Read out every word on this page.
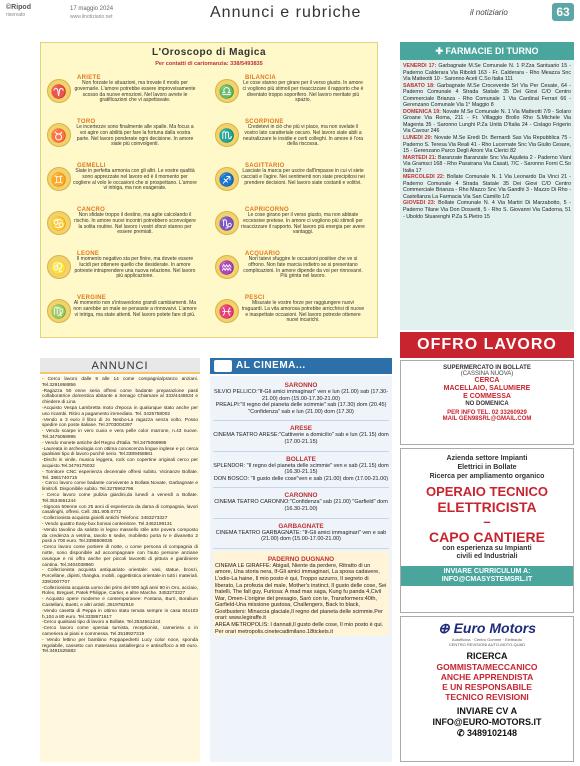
©Ripod
riservato
17 maggio 2024
www.ilnotiziario.net	Annunci e rubriche	il notiziario	63
L'Oroscopo di Magica
Per contatti di cartomanzia: 338/5493835
♈
ARIETE

Non forzate le situazioni, ma trovate il modo per governarle. L'amore potrebbe essere improvvisamente scosso da nuove emozioni. Nel lavoro avrete le gratificazioni che vi aspettavate.

♉
TORO

Le incertezze sono finalmente alle spalle. Ma focus a voi agire con abilità per fare la fortuna dalla vostra parte. Nel lavoro ponderate ogni decisione. In amore siate più coinvolgenti.

♊
GEMELLI

Siate in perfetta armonia con gli altri. Le vostre qualità sono apprezzate nel lavoro ed è il momento per cogliere al volo le occasioni che si prospettano. L'amore vi intriga, ma non esagerate.

♋
CANCRO

Non sfidate troppo il destino, ma agite calcolando il rischio. In amore nuovi incontri potrebbero sconvolgere la solita routine. Nel lavoro i vostri sforzi stanno per essere premiati.

♌
LEONE

Il momento negativo sta per finire, ma dovete essere lucidi per ottenere quello che desiderate. In amore potreste intraprendere una nuova relazione. Nel lavoro più applicazione.

♍
VERGINE

Al momento non s'intravedono grandi cambiamenti. Ma non sarebbe un male se pensaste a rinnovarvi. L'amore vi intriga, ma state attenti. Nel lavoro potete fare di più.

♎
BILANCIA

Le cose stanno per girare per il verso giusto. In amore ci vogliono più stimoli per rivaccizzare il rapporto che è diventato troppo soporifero. Nel lavoro meritate più spazio.

♏
SCORPIONE

Credetevi in ciò che più vi piace, ma non svelate il vostro lato caratteriale oscuro. Nel lavoro siate abili a neutralizzare le insidie e certi colleghi. In amore è l'ora della riscossa.

♐
SAGITTARIO

Lasciate la marca per uscire dall'impasse in cui vi siete cacciati e l'agire. Nei sentimenti non siate precipitosi nei prendere decisioni. Nel lavoro siate costanti e volitivi.

♑
CAPRICORNO

Le cose girano per il verso giusto, ma non abbiate eccessive pretese. In amore ci vogliono più stimoli per rivaccizzare il rapporto. Nel lavoro più energia per avere vantaggi.

♒
ACQUARIO

Non tatevi sfuggire le occasioni positive che ve si offrono. Non fate marcia indietro se si presentano complicazioni. In amore dipende da voi per rinnovarvi. Più grinta nel lavoro.

♓
PESCI

Misurate le vostre forze per raggiungere nuovi traguardi. La vita amorosa potrebbe arricchirsi di nuove e inaspettate occasioni. Nel lavoro potreste ottenere nuovi incarichi.

✚ FARMACIE DI TURNO

VENERDI 17: Garbagnate M.Se Comunale N. 1 P.Zza Santuario 15 - Paderno Calderara Via Riboldi 163 - Fr. Calderara - Rho Meazza Snc Via Matteotti 10 - Saronno Aceti C.So Italia 111

SABATO 18: Garbagnate M.Se Croceverde Srl Via Per Cesate, 64 - Paderno Comunale 4 Strada Statale 35 Dei Giovi C/O Centro Commerciale Brianza - Rho Comunale 1 Via Cardinal Ferrari 66 - Gerenzano Comunale Via 1° Maggio 8

DOMENICA 19: Novate M.Se Comunale N. 1 Via Matteotti 7/9 - Solaro Groane Via Roma, 211 - Fr. Villaggio Brollo Rho S.Michele Via Magenta 35 - Saronno Lunghi P.Za Unità D'Italia 24 - Cislago Frigerio Via Cavour 246

LUNEDI 20: Novate M.Se Eredi Dr. Bernardi Sas Via Repubblica 75 - Paderno S. Teresa Via Reali 41 - Rho Lucernate Snc Via Giulio Cesare, 15 - Gerenzano Parco Degli Aironi Via Clerici 82

MARTEDI 21: Baranzate Baranzate Snc Via Aquileia 2 - Paderno Viani Via Gramsci 168 - Rho Passirana Via Casati, 7/C - Saronno Forni C.So Italia 17

MERCOLEDI 22: Bollate Comunale N. 1 Via Leonardo Da Vinci 21 - Paderno Comunale 4 Strada Statale 35 Dei Giovi C/O Centro Commerciale Brianza - Rho Mazzo Snc Via Gandhi 3 - Mazzo Di Rho - Castellanza La Farmacia Via San Camillo 1/2

GIOVEDI 23: Bollate Comunale N. 4 Via Martiri Di Marzabotto, 5 - Paderno Tilane Via Don Dossetti, 5 - Rho S. Giovanni Via Cadorna, 51 - Uboldo Stuarenghi P.Za S.Pietro 15

OFFRO LAVORO
SUPERMERCATO IN BOLLATE
(CASSINA NUOVA)
CERCA
MACELLAIO, SALUMIERE
E COMMESSA
NO DOMENICA
PER INFO TEL. 02 33260929
MAIL GEN98SRL@GMAIL.COM
Azienda settore Impianti
Elettrici in Bollate
Ricerca per ampliamento organico
OPERAIO TECNICO
ELETTRICISTA
–
CAPO CANTIERE
con esperienza su Impianti
civili ed Industriali
INVIARE CURRICULUM A:
INFO@CMASYSTEMSRL.IT
⊕ Euro Motors
Autofficina · Centro Gomme · Elettrauto
CENTRO REVISIONI AUTO-MOTO-QUAD
RICERCA
GOMMISTA/MECCANICO
ANCHE APPRENDISTA
E UN RESPONSABILE
TECNICO REVISIONI
INVIARE CV A
INFO@EURO-MOTORS.IT
✆ 3489102148
ANNUNCI

- Cerco lavoro dalle 9 alle 14 come compagnia/pranzo anziani. Tel.3291868856
-Ragazza 50 enne seria offresi come badante preparazione pasti collaboratrice domestica abitante a Senago Chiamare al 333/4448634 e chiedere di Lina
-Acquisto Vespa Lambretta moto d'epoca in qualunque stato anche per uso ricambi. Ritiro a pagamento immediato. Tel. 3425758002
-Vendo a 3 euro il libro di Jo Nesbo-La ragazza senza volto. Posso spedire con poste italiane. Tel.3703004397
- Vendo scarpe in vero cuoio e vera pelle color marrone, n.43 nuove. Tel.3475068995
- Vendo monete antiche del Regno d'Italia. Tel.3475068995
-Laureata in archeologia con ottima conoscenza lingue inglese e pc cerca qualsiasi tipo di lavoro purchè serio. Tel.3389458881
-Dischi in vinile, musica leggera, rock con copertine originali cerco per acquisto.Tel.3479175032
- Tornitore CNC esperienza decennale offresi subito. Vicinanze Bollate. Tel. 3881740715
- Cerco lavoro come badante convivente a Bollate,Novate, Garbagnate e limitrofi. Disponibile subito. Tel.3275962796
- Cerco lavoro come pulizia giardini,da lunedì a venerdì a Bollate. Tel.3534561244
-Signora 50enne con 25 anni di esperienza da dama di compagnia, lavori casalinghi, offresi. Cell. 351.905.0772
-Collezionista acquista gioielli antichi Telefono: 3453273327
- Vendo quattro Easy-box bonsai contenitore. Tel.3462199131
-Vendo tavolino da salotto in legno massello stile arte povera composto da credenza a vetrina, tavolo 6 sedie, mobiletto porta tv e divanetto 2 posti a 700 euro. Tel.3398608035
-Cerco lavoro come portiere di notte, o come persona di compagnia di notte, sono disponibile ad accompagnare con l'auto persone anziane ovunque e mi offro anche per piccoli lavoretti di pittura e giardiniere cantina. Tel.3404038960
- Collezionista acquista antiquariato orientale: vasi, statue, bronzi, Porcellane, dipinti, thangka, mobili, oggettistica orientale in tutti i materiali. 339/2007707
-Collezionista acquista uomo dei primi del 900 agli anni 90 in Oro, acciaio, Rolex, Breguet, Patek Philippe, Cartier, e altre Marche. 3453273327
- Acquisto opere moderne e contemporanee: Fontana, Burri, Boralium Castellani, Boetti, e altri artisti .3519782918
-Vendo casetta di Peppa in ottimo stato tenuta sempre in casa 84x103 h,104 a 80 euro. Tel.3338671617
-Cerco qualsiasi tipo di lavoro a Bollate. Tel.3534561244
-Cerco lavoro come operaia turnista, receptionist, cameriera o in cameriera ai piani e commessa. Tel.3518927319
- Vendo lettino per bambino Foppapedretti Lucy color noce, sponda regolabile, cassetto con materasso antiallergico e antisoffoco a 80 euro. Tel.3491525682

AL CINEMA...
SARONNO

SILVIO PELLICO:"If-Gli amici immaginari" ven e lun (21.00) sab (17.30-21.00) dom (15.00-17.30-21.00)

PREALPI:"Il regno del pianeta delle scimmie" sab (17.30) dom (20.45) "Confidenza" sab e lun (21.00) dom (17.30)

ARESE

CINEMA TEATRO ARESE:"Cattiverie a domicilio" sab e lun (21.15) dom (17.00-21.15)

BOLLATE

SPLENDOR: "Il regno del pianeta delle scimmie" ven e sab (21.15) dom (16.30-21.15)

DON BOSCO: "Il gusto delle cose"ven e sab (21.00) dom (17.00-21.00)

CARONNO

CINEMA TEATRO CARONNO:"Confidenza" sab (21.00) "Garfield" dom (16.30-21.00)

GARBAGNATE

CINEMA TEATRO GARBAGNATE: "If-Gli amici immaginari" ven e sab (21.00) dom (15.00-17.00-21.00)

PADERNO DUGNANO

CINEMA LE GIRAFFE: Abigail, Niente da perdere, Ritratto di un amore, Una storia nera, If-Gli amici immaginari, La sposa cadavere, L'odio-La haine, Il mio posto è qui, Troppo azzurro, Il segreto di liberato, La profezia del male, Mother's instinct, Il gusto delle cose, Sei fratelli, The fall guy, Furiosa: A mad max saga, Kung fu panda 4,Civil War, Omen-L'origine del presagio, Sarò con te, Transformers:40th, Garfield-Una missione gustosa, Challengers, Back to black, Gostbusters: Minaccia glaciale,Il regno del pianeta delle scimmie.Per orari: www.legiraffe.it

AREA METROPOLIS: I dannati,Il gusto delle cose, Il mio posto è qui. Per orari metropolis.cinetecadimilano.18tickets.it
